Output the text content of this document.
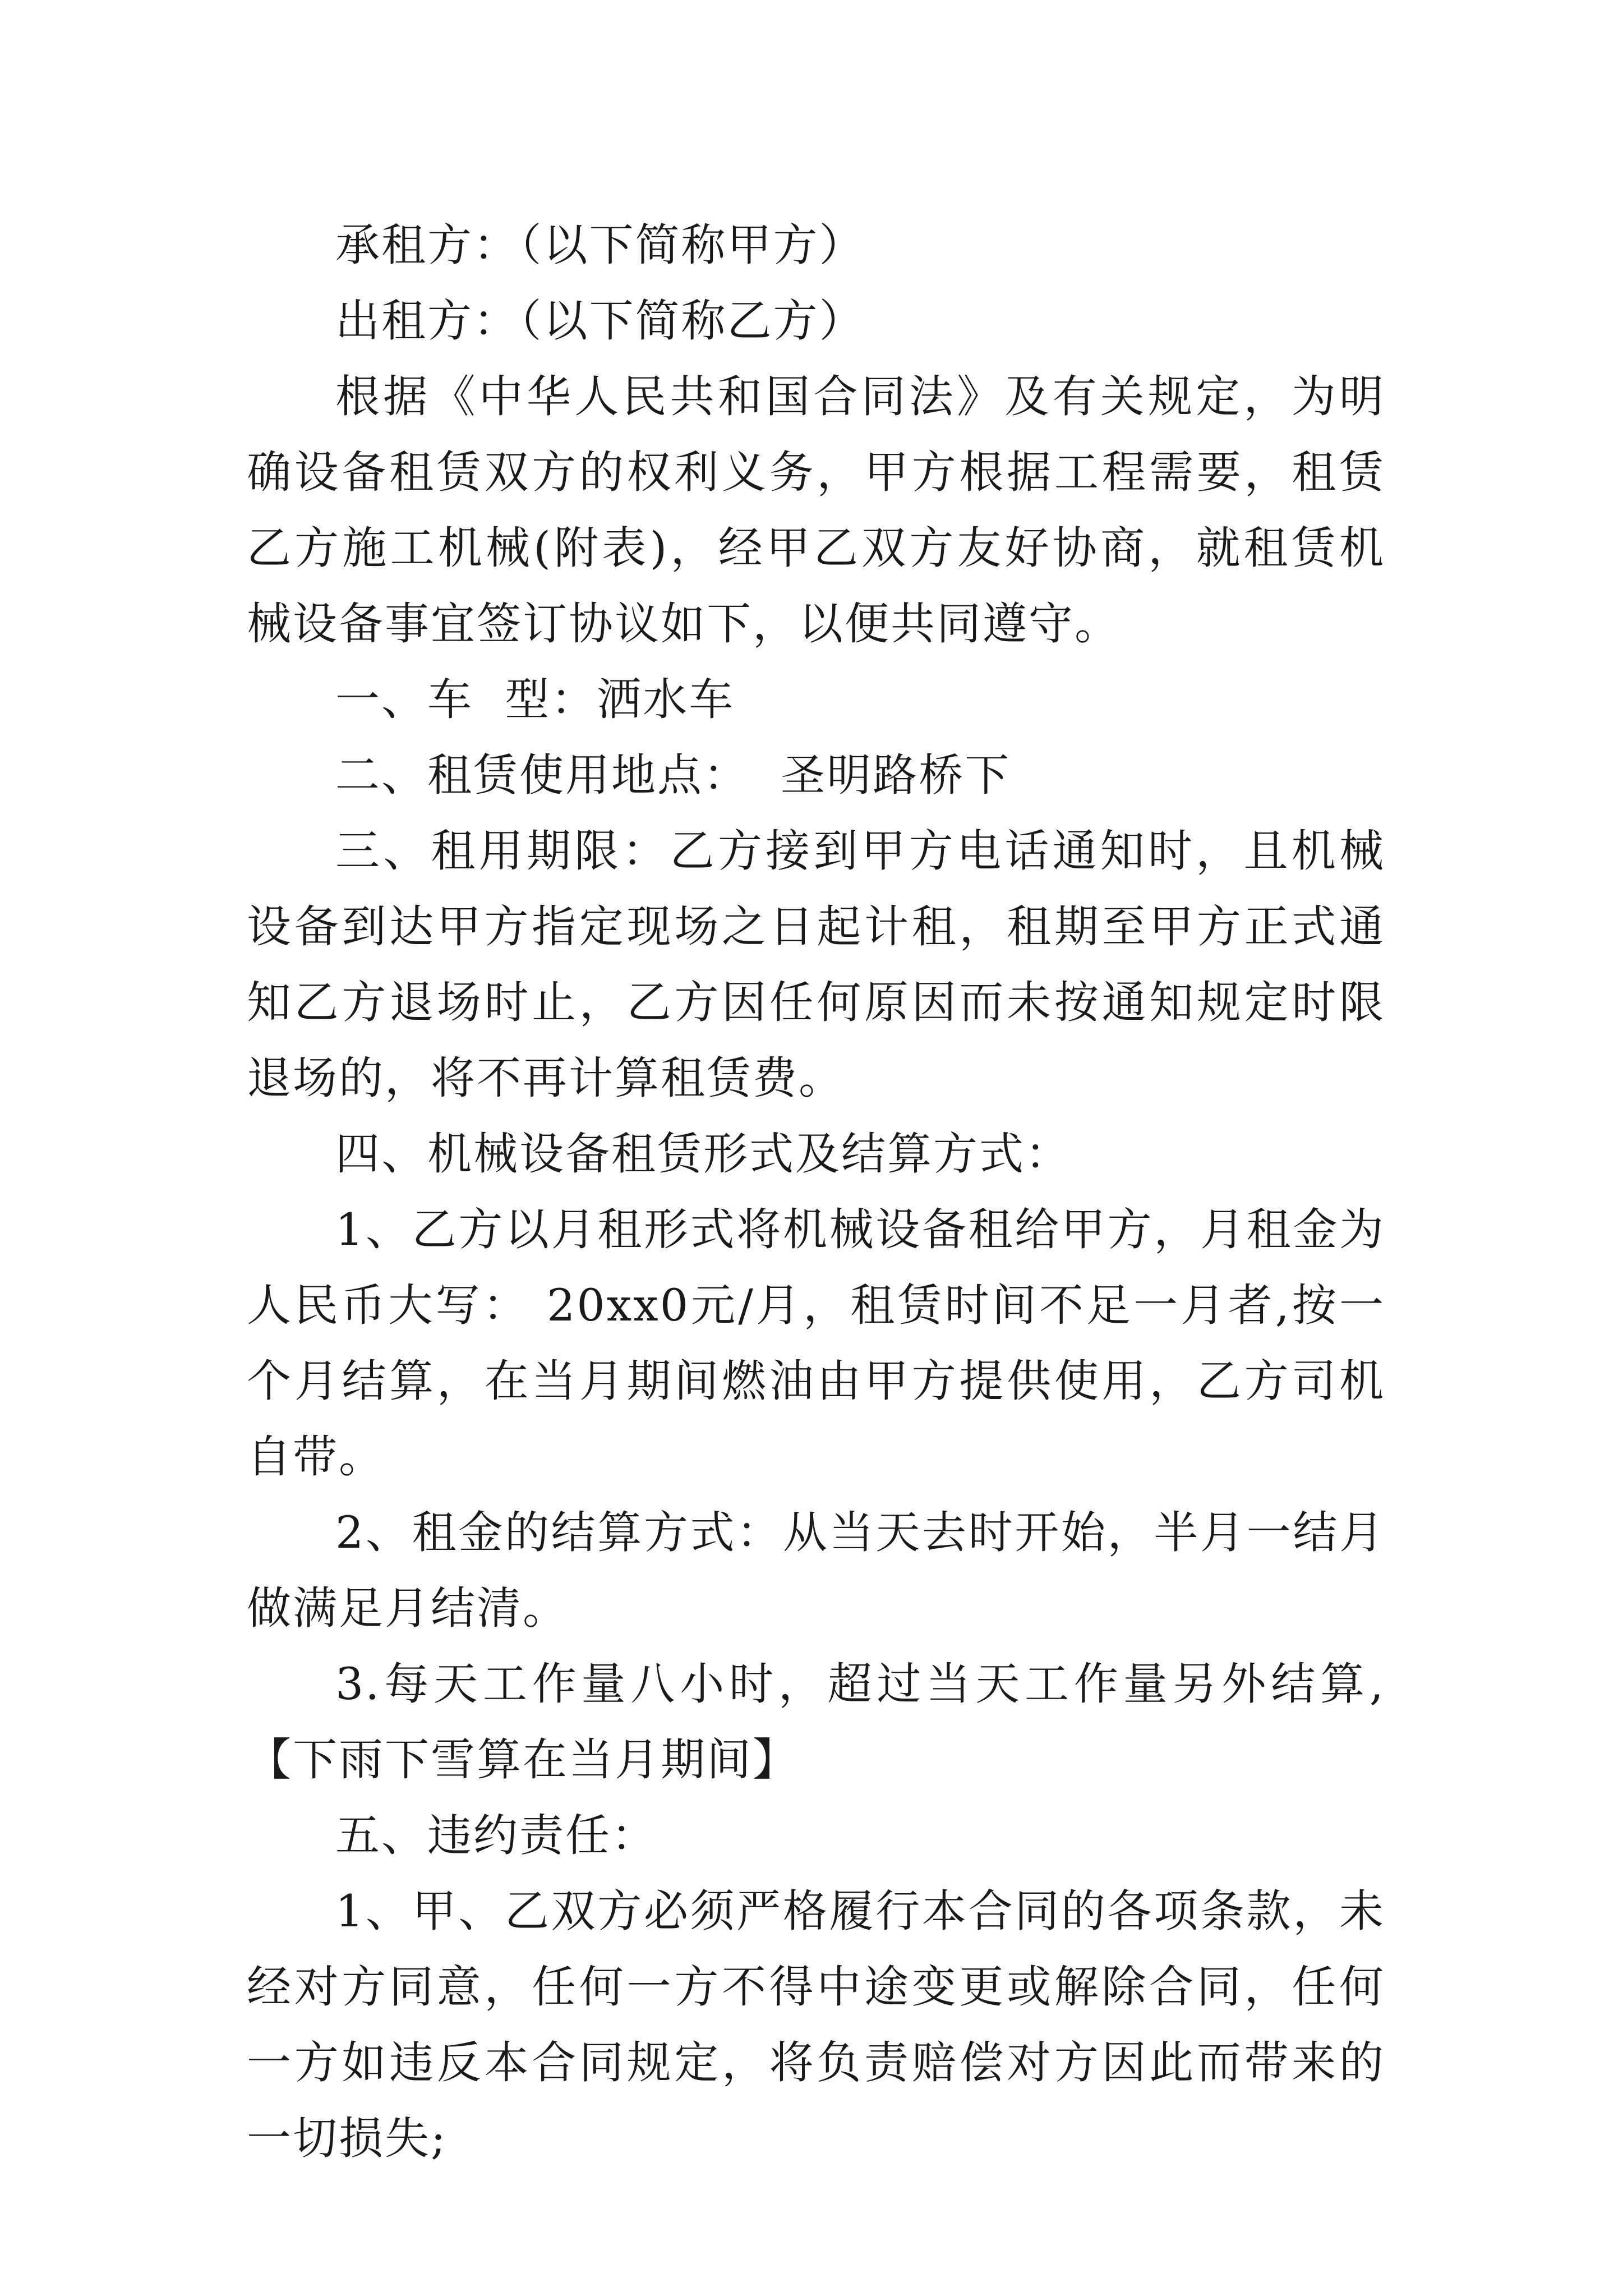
承租方：（以下简称甲方）

出租方：（以下简称乙方）

根据《中华人民共和国合同法》及有关规定，为明确设备租赁双方的权利义务，甲方根据工程需要，租赁乙方施工机械(附表)，经甲乙双方友好协商，就租赁机械设备事宜签订协议如下，以便共同遵守。

一、车  型：洒水车

二、租赁使用地点：  圣明路桥下

三、租用期限：乙方接到甲方电话通知时，且机械设备到达甲方指定现场之日起计租，租期至甲方正式通知乙方退场时止，乙方因任何原因而未按通知规定时限退场的，将不再计算租赁费。

四、机械设备租赁形式及结算方式：

1、乙方以月租形式将机械设备租给甲方，月租金为人民币大写： 20xx0元/月，租赁时间不足一月者,按一个月结算，在当月期间燃油由甲方提供使用，乙方司机自带。

2、租金的结算方式：从当天去时开始，半月一结月做满足月结清。

3.每天工作量八小时，超过当天工作量另外结算,【下雨下雪算在当月期间】

五、违约责任：

1、甲、乙双方必须严格履行本合同的各项条款，未经对方同意，任何一方不得中途变更或解除合同，任何一方如违反本合同规定，将负责赔偿对方因此而带来的一切损失;
